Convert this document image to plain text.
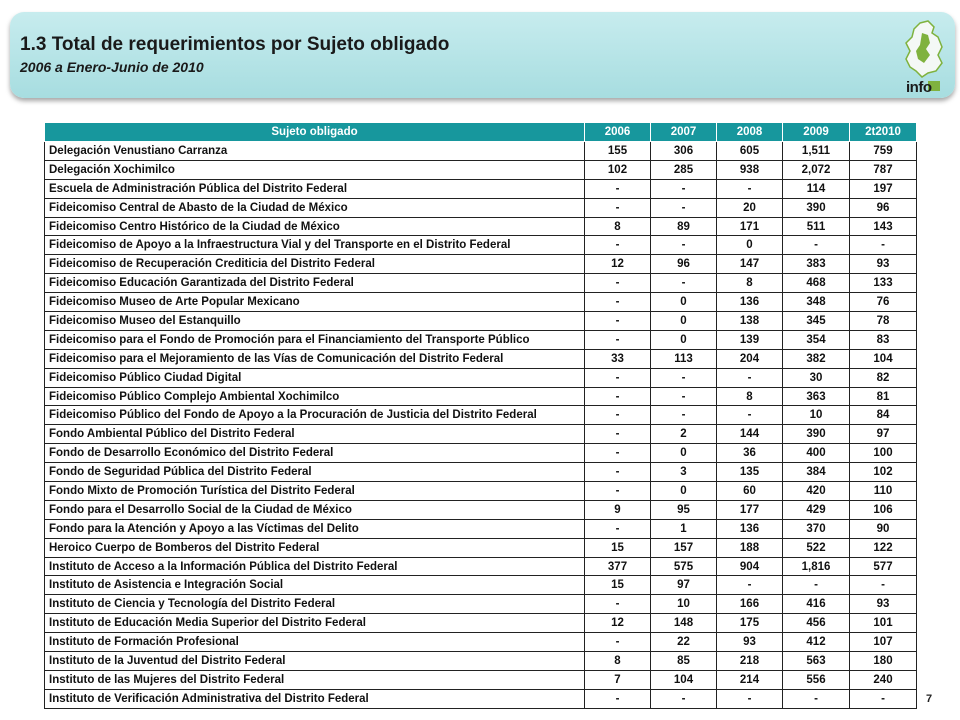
1.3 Total de requerimientos por Sujeto obligado
2006 a Enero-Junio de 2010
info
Sujeto obligado	2006	2007	2008	2009	2t2010
Delegación Venustiano Carranza	155	306	605	1,511	759
Delegación Xochimilco	102	285	938	2,072	787
Escuela de Administración Pública del Distrito Federal	-	-	-	114	197
Fideicomiso Central de Abasto de la Ciudad de México	-	-	20	390	96
Fideicomiso Centro Histórico de la Ciudad de México	8	89	171	511	143
Fideicomiso de Apoyo a la Infraestructura Vial y del Transporte en el Distrito Federal	-	-	0	-	-
Fideicomiso de Recuperación Crediticia del Distrito Federal	12	96	147	383	93
Fideicomiso Educación Garantizada del Distrito Federal	-	-	8	468	133
Fideicomiso Museo de Arte Popular Mexicano	-	0	136	348	76
Fideicomiso Museo del Estanquillo	-	0	138	345	78
Fideicomiso para el Fondo de Promoción para el Financiamiento del Transporte Público	-	0	139	354	83
Fideicomiso para el Mejoramiento de las Vías de Comunicación del Distrito Federal	33	113	204	382	104
Fideicomiso Público Ciudad Digital	-	-	-	30	82
Fideicomiso Público Complejo Ambiental Xochimilco	-	-	8	363	81
Fideicomiso Público del Fondo de Apoyo a la Procuración de Justicia del Distrito Federal	-	-	-	10	84
Fondo Ambiental Público del Distrito Federal	-	2	144	390	97
Fondo de Desarrollo Económico del Distrito Federal	-	0	36	400	100
Fondo de Seguridad Pública del Distrito Federal	-	3	135	384	102
Fondo Mixto de Promoción Turística del Distrito Federal	-	0	60	420	110
Fondo para el Desarrollo Social de la Ciudad de México	9	95	177	429	106
Fondo para la Atención y Apoyo a las Víctimas del Delito	-	1	136	370	90
Heroico Cuerpo de Bomberos del Distrito Federal	15	157	188	522	122
Instituto de Acceso a la Información Pública del Distrito Federal	377	575	904	1,816	577
Instituto de Asistencia e Integración Social	15	97	-	-	-
Instituto de Ciencia y Tecnología del Distrito Federal	-	10	166	416	93
Instituto de Educación Media Superior del Distrito Federal	12	148	175	456	101
Instituto de Formación Profesional	-	22	93	412	107
Instituto de la Juventud del Distrito Federal	8	85	218	563	180
Instituto de las Mujeres del Distrito Federal	7	104	214	556	240
Instituto de Verificación Administrativa del Distrito Federal	-	-	-	-	-	7
